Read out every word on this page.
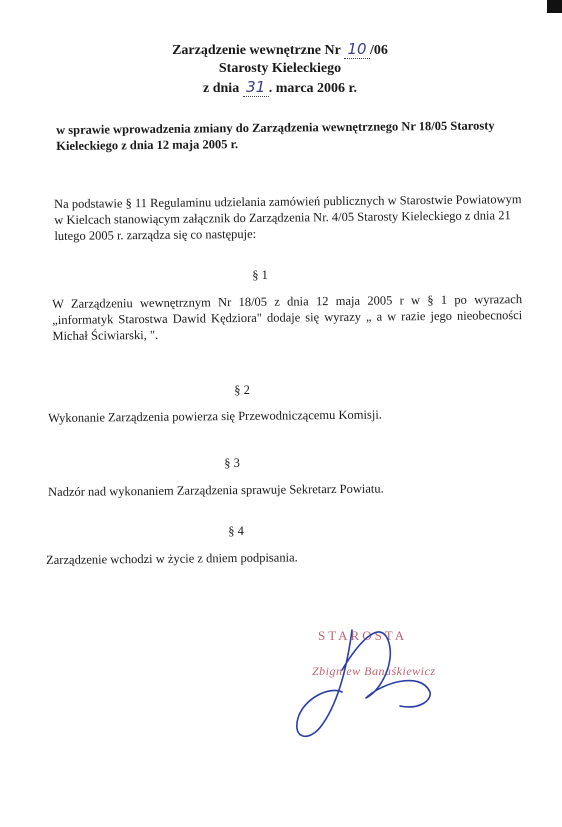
Zarządzenie wewnętrzne Nr 10 /06
Starosty Kieleckiego
z dnia 31 . marca 2006 r.
w sprawie wprowadzenia zmiany do Zarządzenia wewnętrznego Nr 18/05 Starosty Kieleckiego z dnia 12 maja 2005 r.
Na podstawie § 11 Regulaminu udzielania zamówień publicznych w Starostwie Powiatowym w Kielcach stanowiącym załącznik do Zarządzenia Nr. 4/05 Starosty Kieleckiego z dnia 21 lutego 2005 r. zarządza się co następuje:
§ 1
W Zarządzeniu wewnętrznym Nr 18/05 z dnia 12 maja 2005 r w § 1 po wyrazach „informatyk Starostwa Dawid Kędziora" dodaje się wyrazy „ a w razie jego nieobecności Michał Ściwiarski, ".
§ 2
Wykonanie Zarządzenia powierza się Przewodniczącemu Komisji.
§ 3
Nadzór nad wykonaniem Zarządzenia sprawuje Sekretarz Powiatu.
§ 4
Zarządzenie wchodzi w życie z dniem podpisania.
STAROSTA
Zbigniew Banaśkiewicz
